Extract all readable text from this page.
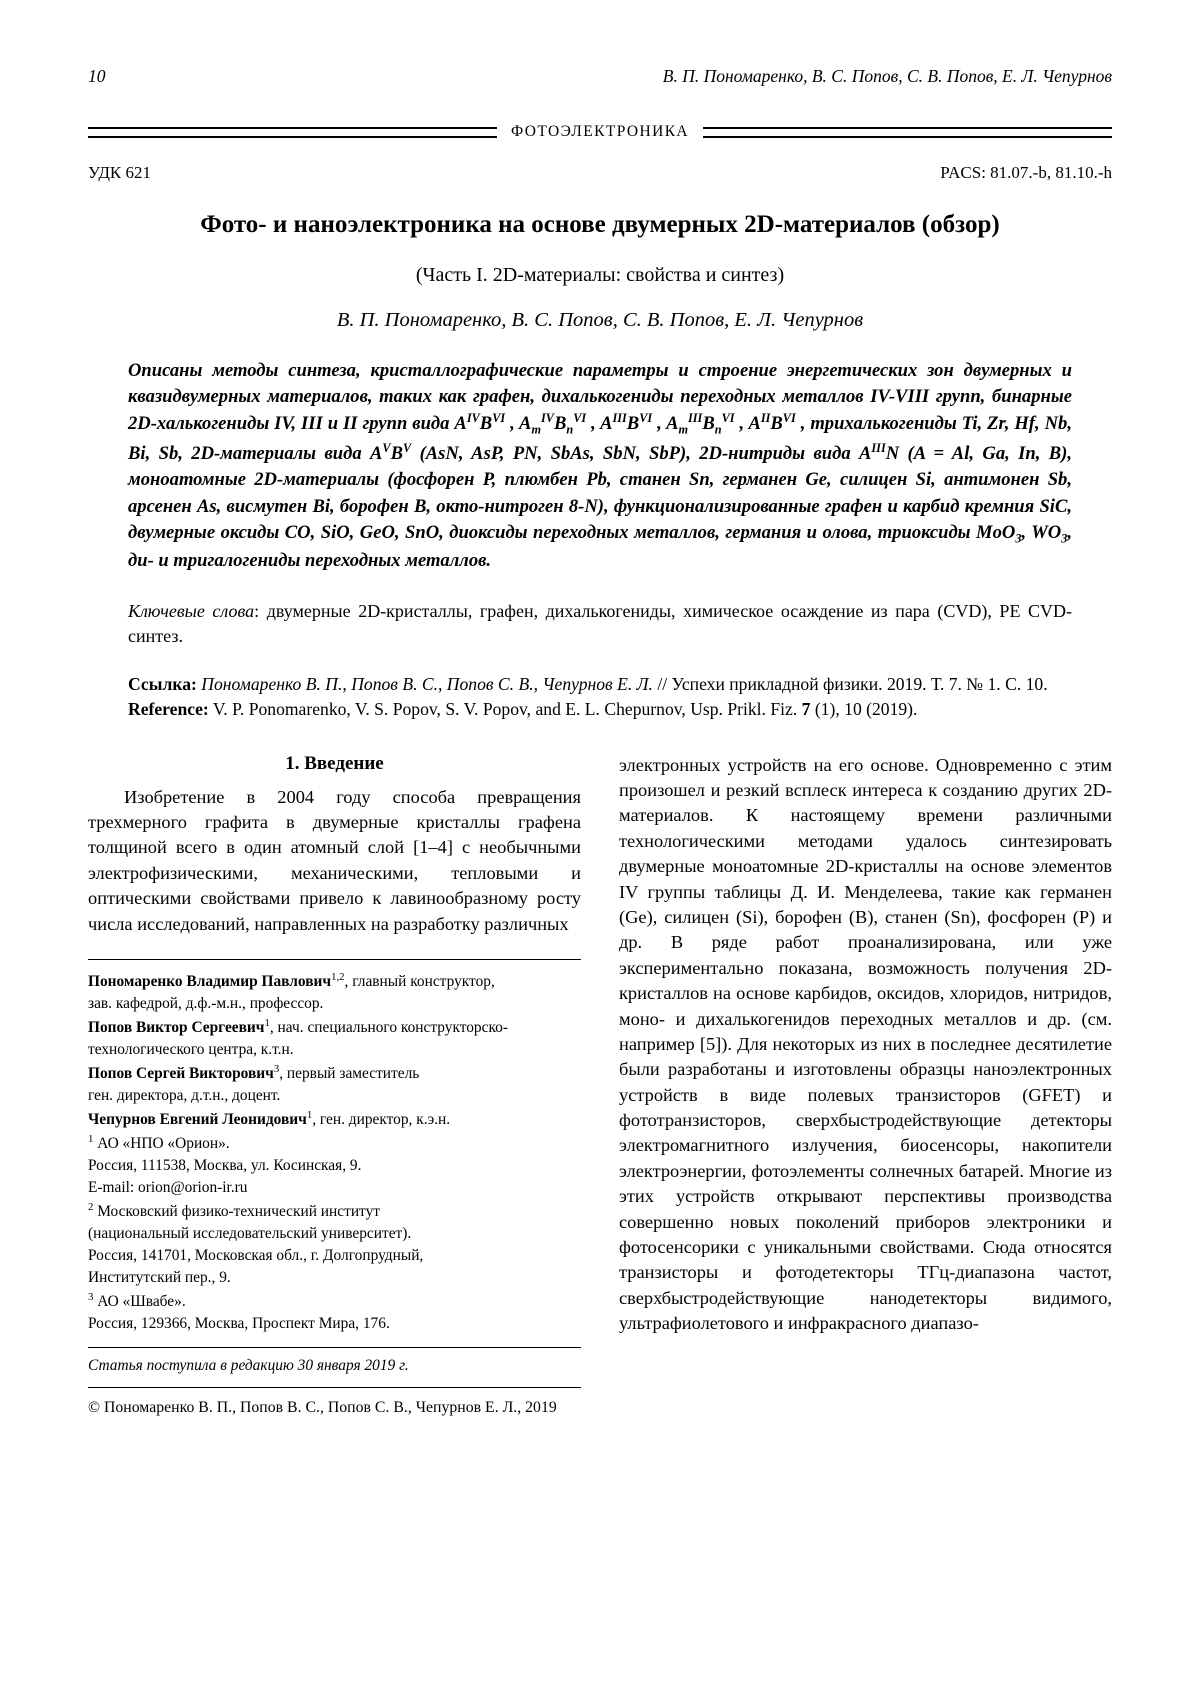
10	В. П. Пономаренко, В. С. Попов, С. В. Попов, Е. Л. Чепурнов
ФОТОЭЛЕКТРОНИКА
УДК 621	PACS: 81.07.-b, 81.10.-h
Фото- и наноэлектроника на основе двумерных 2D-материалов (обзор)
(Часть I. 2D-материалы: свойства и синтез)
В. П. Пономаренко, В. С. Попов, С. В. Попов, Е. Л. Чепурнов
Описаны методы синтеза, кристаллографические параметры и строение энергетических зон двумерных и квазидвумерных материалов, таких как графен, дихалькогениды переходных металлов IV-VIII групп, бинарные 2D-халькогениды IV, III и II групп вида $A^{IV}B^{VI}$ , $A_m^{IV}B_n^{VI}$ , $A^{III}B^{VI}$ , $A_m^{III}B_n^{VI}$ , $A^{II}B^{VI}$ , трихалькогениды Ti, Zr, Hf, Nb, Bi, Sb, 2D-материалы вида $A^VB^V$ (AsN, AsP, PN, SbAs, SbN, SbP), 2D-нитриды вида $A^{III}N$ (A = Al, Ga, In, B), моноатомные 2D-материалы (фосфорен P, плюмбен Pb, станен Sn, германен Ge, силицен Si, антимонен Sb, арсенен As, висмутен Bi, борофен B, окто-нитроген 8-N), функционализированные графен и карбид кремния SiC, двумерные оксиды CO, SiO, GeO, SnO, диоксиды переходных металлов, германия и олова, триоксиды MoO$_3$, $WO_3$, ди- и тригалогениды переходных металлов.
Ключевые слова: двумерные 2D-кристаллы, графен, дихалькогениды, химическое осаждение из пара (CVD), PE CVD-синтез.
Ссылка: Пономаренко В. П., Попов В. С., Попов С. В., Чепурнов Е. Л. // Успехи прикладной физики. 2019. Т. 7. № 1. С. 10.
Reference: V. P. Ponomarenko, V. S. Popov, S. V. Popov, and E. L. Chepurnov, Usp. Prikl. Fiz. 7 (1), 10 (2019).
1. Введение

Изобретение в 2004 году способа превращения трехмерного графита в двумерные кристаллы графена толщиной всего в один атомный слой [1–4] с необычными электрофизическими, механическими, тепловыми и оптическими свойствами привело к лавинообразному росту числа исследований, направленных на разработку различных

Пономаренко Владимир Павлович$^{1,2}$, главный конструктор,

зав. кафедрой, д.ф.-м.н., профессор.

Попов Виктор Сергеевич$^1$, нач. специального конструкторско-

технологического центра, к.т.н.

Попов Сергей Викторович$^3$, первый заместитель

ген. директора, д.т.н., доцент.

Чепурнов Евгений Леонидович$^1$, ген. директор, к.э.н.

$^1$ АО «НПО «Орион».

Россия, 111538, Москва, ул. Косинская, 9.

E-mail: orion@orion-ir.ru

$^2$ Московский физико-технический институт

(национальный исследовательский университет).

Россия, 141701, Московская обл., г. Долгопрудный,

Институтский пер., 9.

$^3$ АО «Швабе».

Россия, 129366, Москва, Проспект Мира, 176.

Статья поступила в редакцию 30 января 2019 г.
© Пономаренко В. П., Попов В. С., Попов С. В., Чепурнов Е. Л., 2019

электронных устройств на его основе. Одновременно с этим произошел и резкий всплеск интереса к созданию других 2D-материалов. К настоящему времени различными технологическими методами удалось синтезировать двумерные моноатомные 2D-кристаллы на основе элементов IV группы таблицы Д. И. Менделеева, такие как германен (Ge), силицен (Si), борофен (B), станен (Sn), фосфорен (P) и др. В ряде работ проанализирована, или уже экспериментально показана, возможность получения 2D-кристаллов на основе карбидов, оксидов, хлоридов, нитридов, моно- и дихалькогенидов переходных металлов и др. (см. например [5]). Для некоторых из них в последнее десятилетие были разработаны и изготовлены образцы наноэлектронных устройств в виде полевых транзисторов (GFET) и фототранзисторов, сверхбыстродействующие детекторы электромагнитного излучения, биосенсоры, накопители электроэнергии, фотоэлементы солнечных батарей. Многие из этих устройств открывают перспективы производства совершенно новых поколений приборов электроники и фотосенсорики с уникальными свойствами. Сюда относятся транзисторы и фотодетекторы ТГц-диапазона частот, сверхбыстродействующие нанодетекторы видимого, ультрафиолетового и инфракрасного диапазо-
